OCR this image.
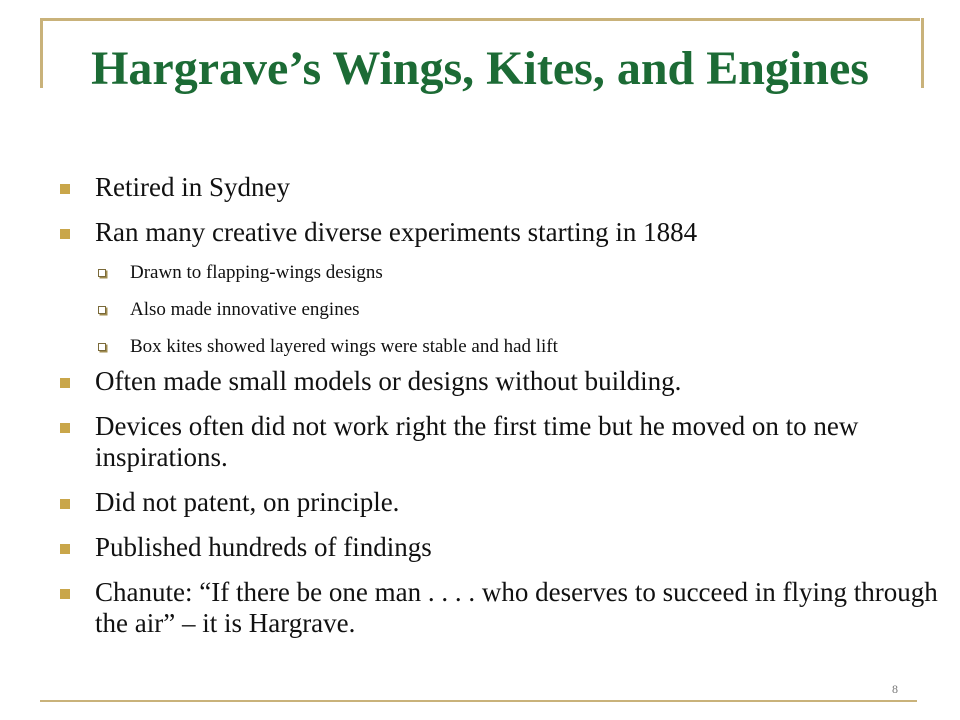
Hargrave’s Wings, Kites, and Engines
Retired in Sydney
Ran many creative diverse experiments starting in 1884
Drawn to flapping-wings designs
Also made innovative engines
Box kites showed layered wings were stable and had lift
Often made small models or designs without building.
Devices often did not work right the first time but he moved on to new inspirations.
Did not patent, on principle.
Published hundreds of findings
Chanute: “If there be one man . . . . who deserves to succeed in flying through the air” – it is Hargrave.
8
